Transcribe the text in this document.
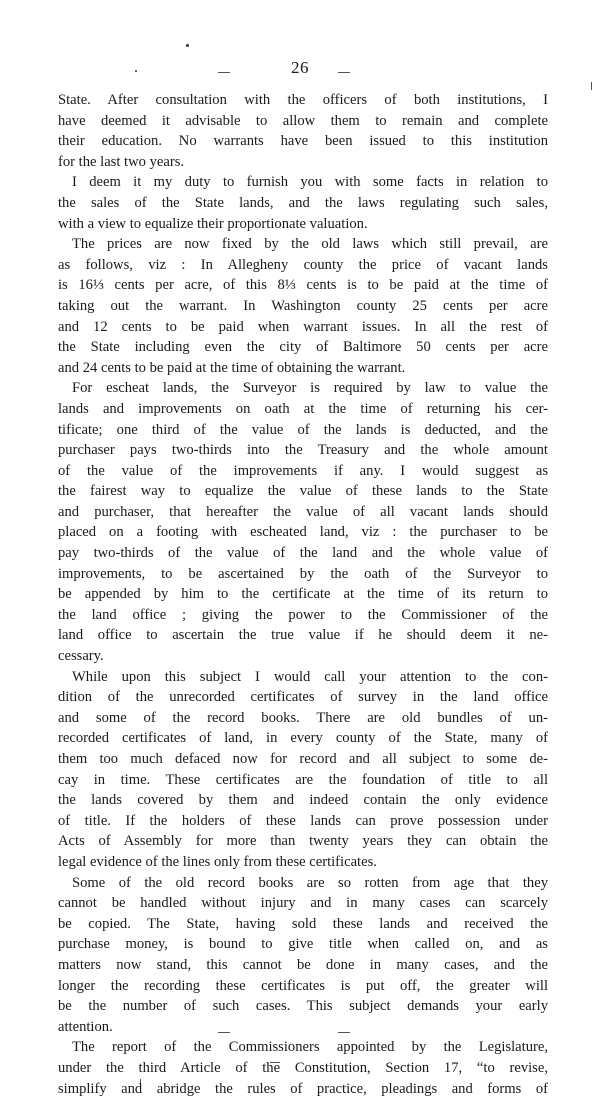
26
State. After consultation with the officers of both institutions, I
have deemed it advisable to allow them to remain and complete
their education. No warrants have been issued to this institution
for the last two years.
I deem it my duty to furnish you with some facts in relation to
the sales of the State lands, and the laws regulating such sales,
with a view to equalize their proportionate valuation.
The prices are now fixed by the old laws which still prevail, are
as follows, viz : In Allegheny county the price of vacant lands
is 16⅓ cents per acre, of this 8⅓ cents is to be paid at the time of
taking out the warrant. In Washington county 25 cents per acre
and 12 cents to be paid when warrant issues. In all the rest of
the State including even the city of Baltimore 50 cents per acre
and 24 cents to be paid at the time of obtaining the warrant.
For escheat lands, the Surveyor is required by law to value the
lands and improvements on oath at the time of returning his cer-
tificate; one third of the value of the lands is deducted, and the
purchaser pays two-thirds into the Treasury and the whole amount
of the value of the improvements if any. I would suggest as
the fairest way to equalize the value of these lands to the State
and purchaser, that hereafter the value of all vacant lands should
placed on a footing with escheated land, viz : the purchaser to be
pay two-thirds of the value of the land and the whole value of
improvements, to be ascertained by the oath of the Surveyor to
be appended by him to the certificate at the time of its return to
the land office ; giving the power to the Commissioner of the
land office to ascertain the true value if he should deem it ne-
cessary.
While upon this subject I would call your attention to the con-
dition of the unrecorded certificates of survey in the land office
and some of the record books. There are old bundles of un-
recorded certificates of land, in every county of the State, many of
them too much defaced now for record and all subject to some de-
cay in time. These certificates are the foundation of title to all
the lands covered by them and indeed contain the only evidence
of title. If the holders of these lands can prove possession under
Acts of Assembly for more than twenty years they can obtain the
legal evidence of the lines only from these certificates.
Some of the old record books are so rotten from age that they
cannot be handled without injury and in many cases can scarcely
be copied. The State, having sold these lands and received the
purchase money, is bound to give title when called on, and as
matters now stand, this cannot be done in many cases, and the
longer the recording these certificates is put off, the greater will
be the number of such cases. This subject demands your early
attention.
The report of the Commissioners appointed by the Legislature,
under the third Article of the Constitution, Section 17, “to revise,
simplify and abridge the rules of practice, pleadings and forms of
